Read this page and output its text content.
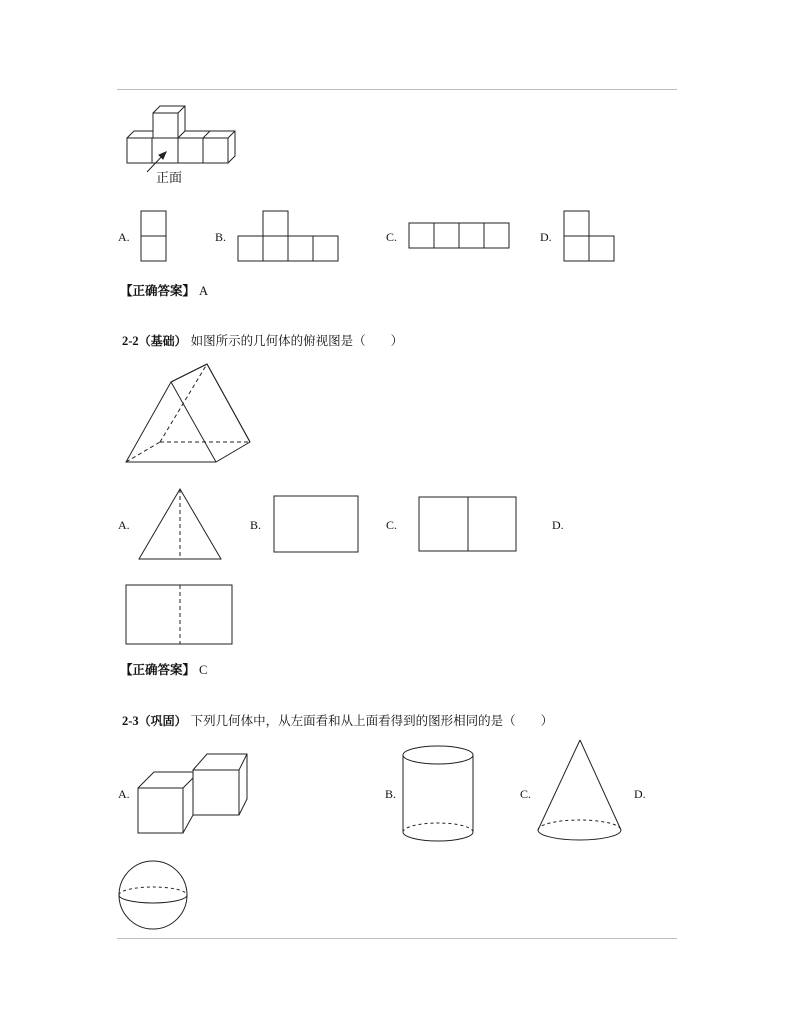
正面
A.	B.	C.	D.
【正确答案】 A
2-2（基础） 如图所示的几何体的俯视图是（　　）
A.	B.	C.	D.
【正确答案】 C
2-3（巩固） 下列几何体中，从左面看和从上面看得到的图形相同的是（　　）
A.	B.	C.	D.
